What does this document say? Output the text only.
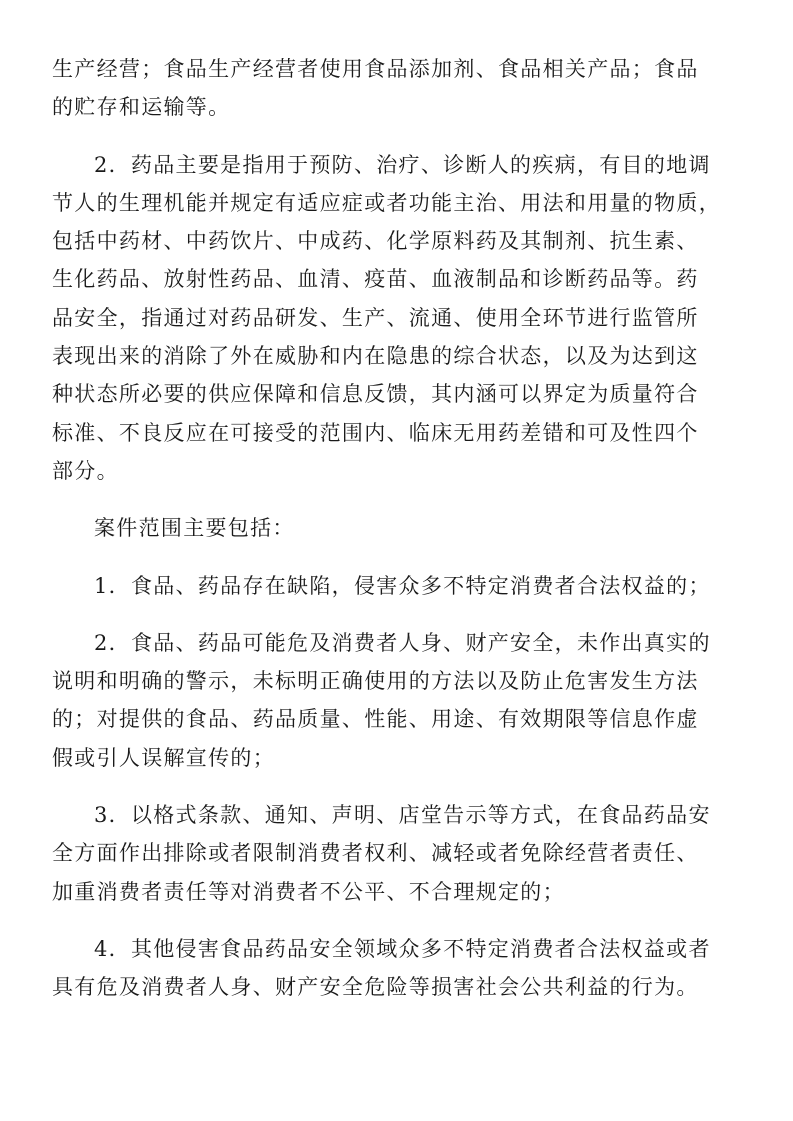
生产经营；食品生产经营者使用食品添加剂、食品相关产品；食品
的贮存和运输等。
2．药品主要是指用于预防、治疗、诊断人的疾病，有目的地调
节人的生理机能并规定有适应症或者功能主治、用法和用量的物质，
包括中药材、中药饮片、中成药、化学原料药及其制剂、抗生素、
生化药品、放射性药品、血清、疫苗、血液制品和诊断药品等。药
品安全，指通过对药品研发、生产、流通、使用全环节进行监管所
表现出来的消除了外在威胁和内在隐患的综合状态，以及为达到这
种状态所必要的供应保障和信息反馈，其内涵可以界定为质量符合
标准、不良反应在可接受的范围内、临床无用药差错和可及性四个
部分。
案件范围主要包括：
1．食品、药品存在缺陷，侵害众多不特定消费者合法权益的；
2．食品、药品可能危及消费者人身、财产安全，未作出真实的
说明和明确的警示，未标明正确使用的方法以及防止危害发生方法
的；对提供的食品、药品质量、性能、用途、有效期限等信息作虚
假或引人误解宣传的；
3．以格式条款、通知、声明、店堂告示等方式，在食品药品安
全方面作出排除或者限制消费者权利、减轻或者免除经营者责任、
加重消费者责任等对消费者不公平、不合理规定的；
4．其他侵害食品药品安全领域众多不特定消费者合法权益或者
具有危及消费者人身、财产安全危险等损害社会公共利益的行为。
